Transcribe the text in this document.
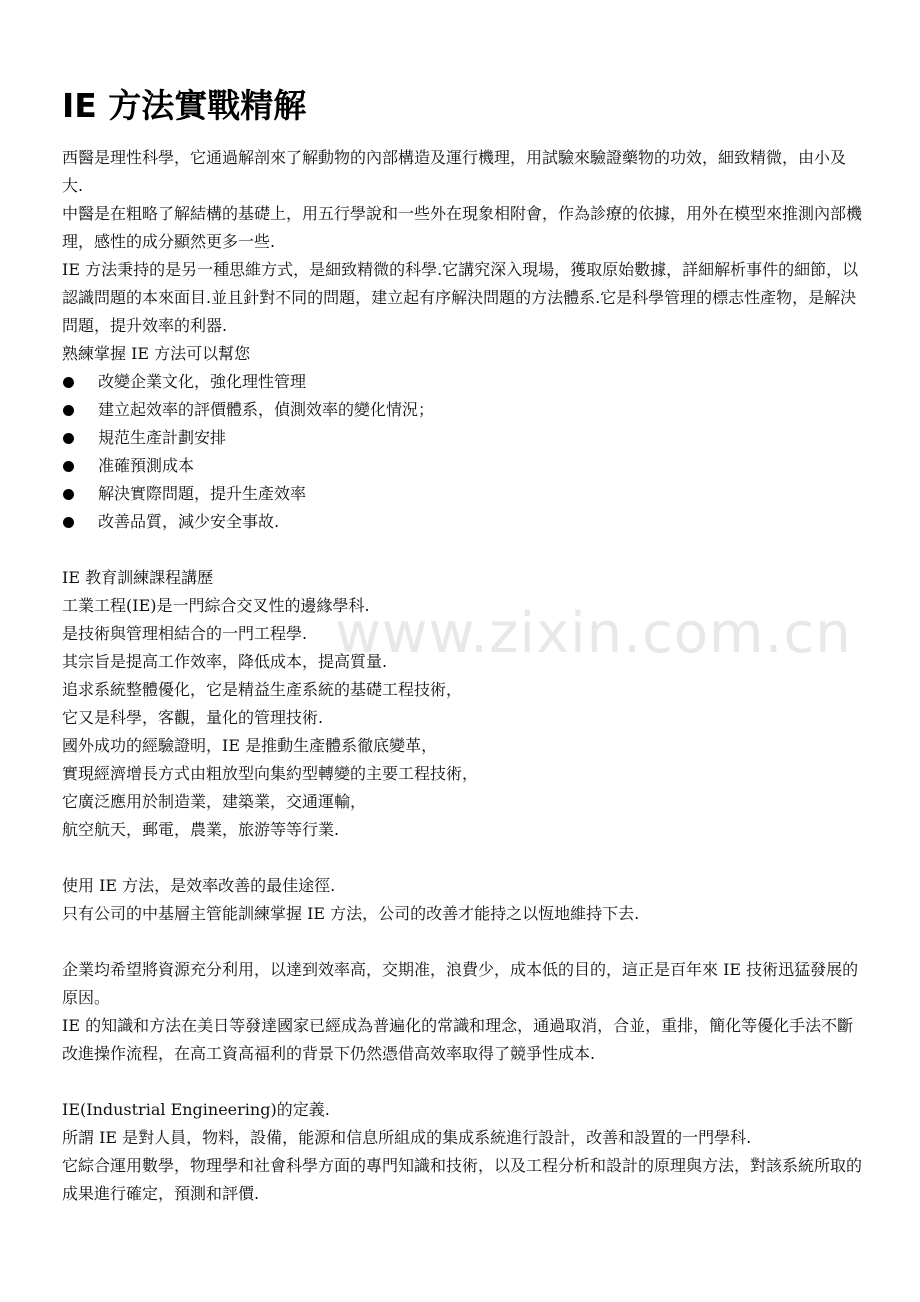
IE 方法實戰精解

西醫是理性科學，它通過解剖來了解動物的內部構造及運行機理，用試驗來驗證藥物的功效，細致精微，由小及大.

中醫是在粗略了解結構的基礎上，用五行學說和一些外在現象相附會，作為診療的依據，用外在模型來推測內部機理，感性的成分顯然更多一些.

IE 方法秉持的是另一種思維方式，是細致精微的科學.它講究深入現場，獲取原始數據，詳細解析事件的細節，以認識問題的本來面目.並且針對不同的問題，建立起有序解決問題的方法體系.它是科學管理的標志性產物，是解決問題，提升效率的利器.

熟練掌握 IE 方法可以幫您

改變企業文化，強化理性管理
建立起效率的評價體系，偵測效率的變化情況；
規范生產計劃安排
准確預測成本
解決實際問題，提升生產效率
改善品質，減少安全事故.

IE 教育訓練課程講歷

工業工程(IE)是一門綜合交叉性的邊緣學科.

是技術與管理相結合的一門工程學.

其宗旨是提高工作效率，降低成本，提高質量.

追求系統整體優化，它是精益生產系統的基礎工程技術，

它又是科學，客觀，量化的管理技術.

國外成功的經驗證明，IE 是推動生產體系徹底變革，

實現經濟增長方式由粗放型向集約型轉變的主要工程技術，

它廣泛應用於制造業，建築業，交通運輸，

航空航天，郵電，農業，旅游等等行業.

使用 IE 方法，是效率改善的最佳途徑.

只有公司的中基層主管能訓練掌握 IE 方法，公司的改善才能持之以恆地維持下去.

企業均希望將資源充分利用，以達到效率高，交期准，浪費少，成本低的目的，這正是百年來 IE 技術迅猛發展的原因。

IE 的知識和方法在美日等發達國家已經成為普遍化的常識和理念，通過取消，合並，重排，簡化等優化手法不斷改進操作流程，在高工資高福利的背景下仍然憑借高效率取得了競爭性成本.

IE(Industrial Engineering)的定義.

所謂 IE 是對人員，物料，設備，能源和信息所組成的集成系統進行設計，改善和設置的一門學科.

它綜合運用數學，物理學和社會科學方面的專門知識和技術，以及工程分析和設計的原理與方法，對該系統所取的成果進行確定，預測和評價.

www.zixin.com.cn
